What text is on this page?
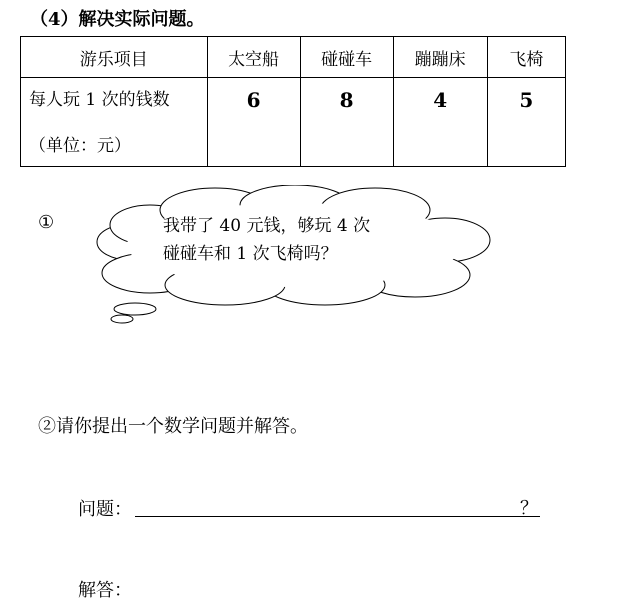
（4）解决实际问题。
游乐项目	太空船	碰碰车	蹦蹦床	飞椅

每人玩 1 次的钱数
（单位：元）	6	8	4	5
①	我带了 40 元钱，够玩 4 次
碰碰车和 1 次飞椅吗？
②请你提出一个数学问题并解答。
问题：	？
解答：
